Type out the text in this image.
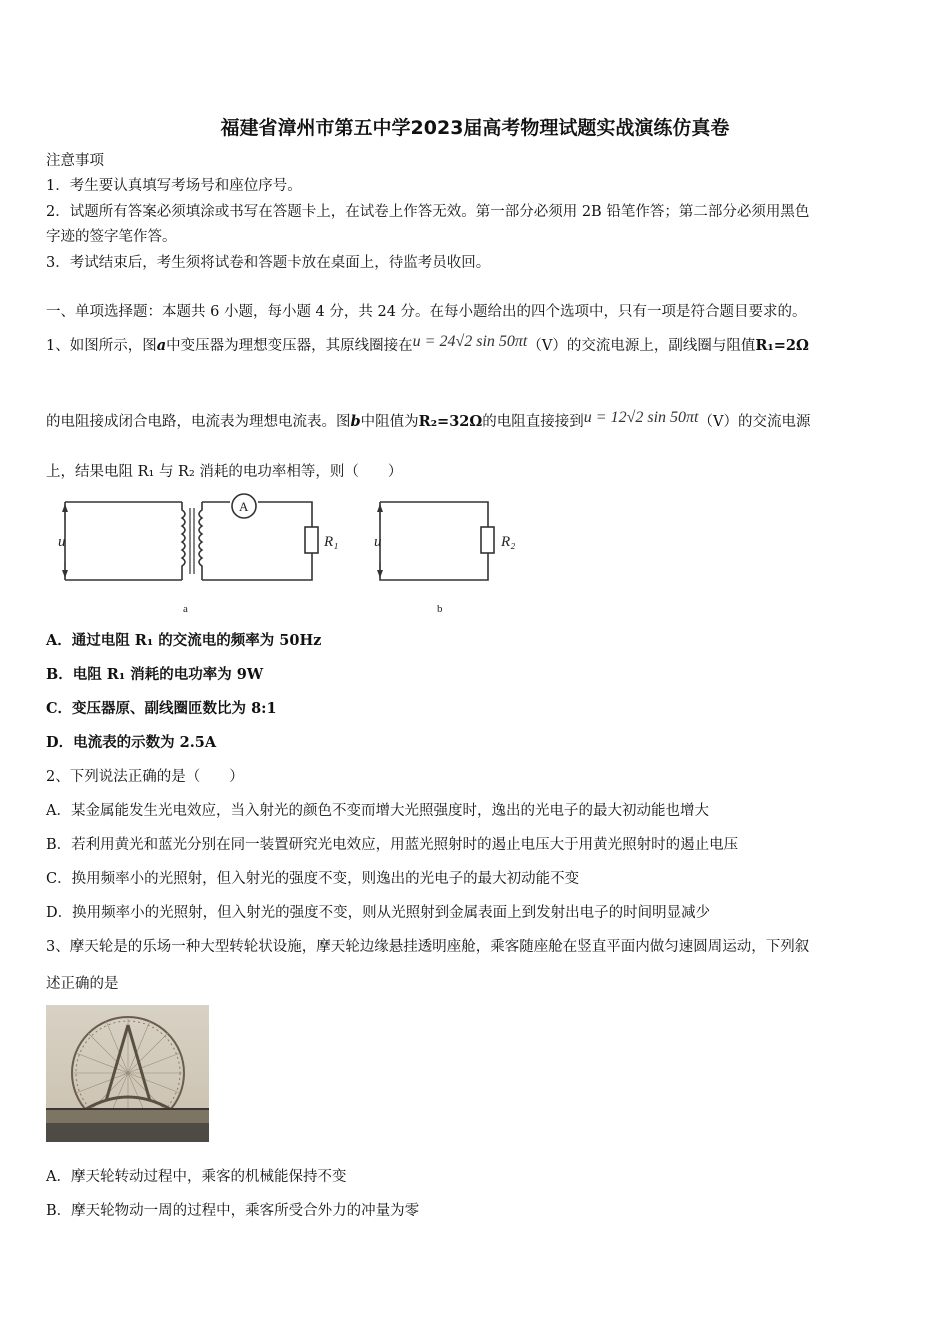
福建省漳州市第五中学2023届高考物理试题实战演练仿真卷
注意事项
1．考生要认真填写考场号和座位序号。
2．试题所有答案必须填涂或书写在答题卡上，在试卷上作答无效。第一部分必须用 2B 铅笔作答；第二部分必须用黑色
字迹的签字笔作答。
3．考试结束后，考生须将试卷和答题卡放在桌面上，待监考员收回。
一、单项选择题：本题共 6 小题，每小题 4 分，共 24 分。在每小题给出的四个选项中，只有一项是符合题目要求的。
1、如图所示，图a中变压器为理想变压器，其原线圈接在u = 24√2 sin 50πt（V）的交流电源上，副线圈与阻值R₁=2Ω
的电阻接成闭合电路，电流表为理想电流表。图b中阻值为R₂=32Ω的电阻直接接到u = 12√2 sin 50πt（V）的交流电源
上，结果电阻 R₁ 与 R₂ 消耗的电功率相等，则（　　）
u
A
R₁
a
u	R₂
b
A．通过电阻 R₁ 的交流电的频率为 50Hz
B．电阻 R₁ 消耗的电功率为 9W
C．变压器原、副线圈匝数比为 8:1
D．电流表的示数为 2.5A
2、下列说法正确的是（　　）
A．某金属能发生光电效应，当入射光的颜色不变而增大光照强度时，逸出的光电子的最大初动能也增大
B．若利用黄光和蓝光分别在同一装置研究光电效应，用蓝光照射时的遏止电压大于用黄光照射时的遏止电压
C．换用频率小的光照射，但入射光的强度不变，则逸出的光电子的最大初动能不变
D．换用频率小的光照射，但入射光的强度不变，则从光照射到金属表面上到发射出电子的时间明显减少
3、摩天轮是的乐场一种大型转轮状设施，摩天轮边缘悬挂透明座舱，乘客随座舱在竖直平面内做匀速圆周运动，下列叙
述正确的是
A．摩天轮转动过程中，乘客的机械能保持不变
B．摩天轮物动一周的过程中，乘客所受合外力的冲量为零
